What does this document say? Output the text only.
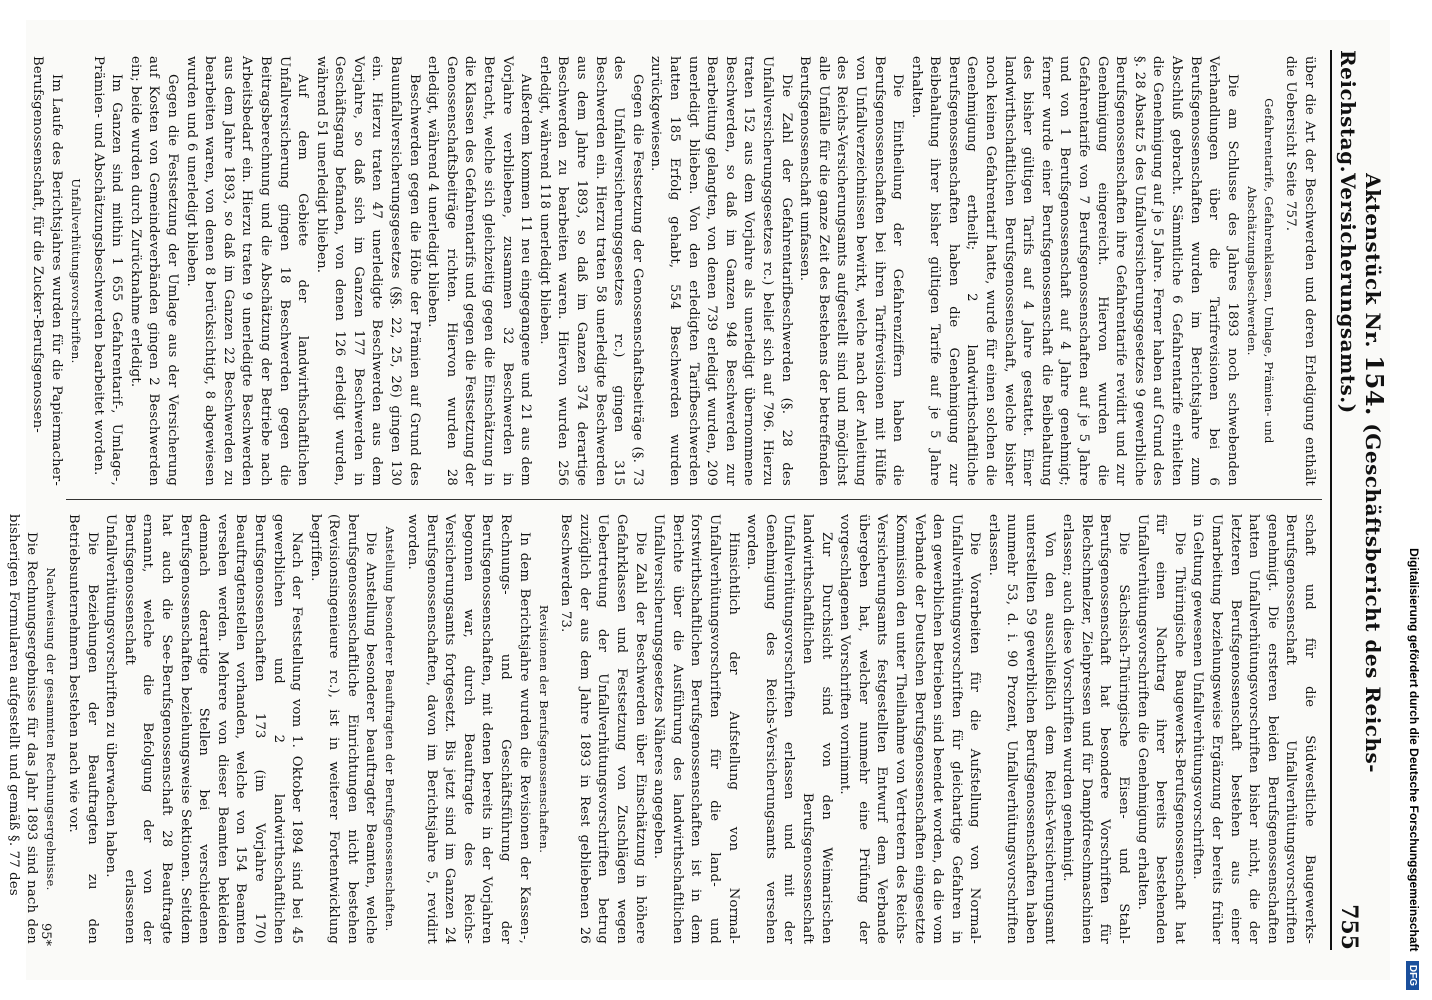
Reichstag.
Aktenstück Nr. 154. (Geschäftsbericht des Reichs-Versicherungsamts.)
755

über die Art der Beschwerden und deren Erledigung enthält die Uebersicht Seite 757.

Gefahrentarife, Gefahrenklassen, Umlage, Prämien- und Abschätzungsbeschwerden.

Die am Schlusse des Jahres 1893 noch schwebenden Verhandlungen über die Tarifrevisionen bei 6 Berufsgenossenschaften wurden im Berichtsjahre zum Abschluß gebracht. Sämmtliche 6 Gefahrentarife erhielten die Genehmigung auf je 5 Jahre. Ferner haben auf Grund des §. 28 Absatz 5 des Unfallversicherungsgesetzes 9 gewerbliche Berufsgenossenschaften ihre Gefahrentarife revidirt und zur Genehmigung eingereicht. Hiervon wurden die Gefahrentarife von 7 Berufsgenossenschaften auf je 5 Jahre und von 1 Berufsgenossenschaft auf 4 Jahre genehmigt; ferner wurde einer Berufsgenossenschaft die Beibehaltung des bisher gültigen Tarifs auf 4 Jahre gestattet. Einer landwirthschaftlichen Berufsgenossenschaft, welche bisher noch keinen Gefahrentarif hatte, wurde für einen solchen die Genehmigung ertheilt; 2 landwirthschaftliche Berufsgenossenschaften haben die Genehmigung zur Beibehaltung ihrer bisher gültigen Tarife auf je 5 Jahre erhalten.

Die Eintheilung der Gefahrenziffern haben die Berufsgenossenschaften bei ihren Tarifrevisionen mit Hülfe von Unfallverzeichnissen bewirkt, welche nach der Anleitung des Reichs-Versicherungsamts aufgestellt sind und möglichst alle Unfälle für die ganze Zeit des Bestehens der betreffenden Berufsgenossenschaft umfassen.

Die Zahl der Gefahrentarifbeschwerden (§. 28 des Unfallversicherungsgesetzes rc.) belief sich auf 796. Hierzu traten 152 aus dem Vorjahre als unerledigt übernommene Beschwerden, so daß im Ganzen 948 Beschwerden zur Bearbeitung gelangten, von denen 739 erledigt wurden, 209 unerledigt blieben. Von den erledigten Tarifbeschwerden hatten 185 Erfolg gehabt, 554 Beschwerden wurden zurückgewiesen.

Gegen die Festsetzung der Genossenschaftsbeiträge (§. 73 des Unfallversicherungsgesetzes rc.) gingen 315 Beschwerden ein. Hierzu traten 58 unerledigte Beschwerden aus dem Jahre 1893, so daß im Ganzen 374 derartige Beschwerden zu bearbeiten waren. Hiervon wurden 256 erledigt, während 118 unerledigt blieben.

Außerdem kommen 11 neu eingegangene und 21 aus dem Vorjahre verbliebene, zusammen 32 Beschwerden in Betracht, welche sich gleichzeitig gegen die Einschätzung in die Klassen des Gefahrentarifs und gegen die Festsetzung der Genossenschaftsbeiträge richten. Hiervon wurden 28 erledigt, während 4 unerledigt blieben.

Beschwerden gegen die Höhe der Prämien auf Grund des Bauunfallversicherungsgesetzes (§§. 22, 25, 26) gingen 130 ein. Hierzu traten 47 unerledigte Beschwerden aus dem Vorjahre, so daß sich im Ganzen 177 Beschwerden in Geschäftsgang befanden, von denen 126 erledigt wurden, während 51 unerledigt blieben.

Auf dem Gebiete der landwirthschaftlichen Unfallversicherung gingen 18 Beschwerden gegen die Beitragsberechnung und die Abschätzung der Betriebe nach Arbeitsbedarf ein. Hierzu traten 9 unerledigte Beschwerden aus dem Jahre 1893, so daß im Ganzen 22 Beschwerden zu bearbeiten waren, von denen 8 berücksichtigt, 8 abgewiesen wurden und 6 unerledigt blieben.

Gegen die Festsetzung der Umlage aus der Versicherung auf Kosten von Gemeindeverbänden gingen 2 Beschwerden ein; beide wurden durch Zurücknahme erledigt.

Im Ganzen sind mithin 1 655 Gefahrentarif-, Umlage-, Prämien- und Abschätzungsbeschwerden bearbeitet worden.

Unfallverhütungsvorschriften.

Im Laufe des Berichtsjahres wurden für die Papiermacher-Berufsgenossenschaft, für die Zucker-Berufsgenossen-

schaft und für die Südwestliche Baugewerks-Berufsgenossenschaft Unfallverhütungsvorschriften genehmigt. Die ersteren beiden Berufsgenossenschaften hatten Unfallverhütungsvorschriften bisher nicht, die der letzteren Berufsgenossenschaft bestehen aus einer Umarbeitung beziehungsweise Ergänzung der bereits früher in Geltung gewesenen Unfallverhütungsvorschriften.

Die Thüringische Baugewerks-Berufsgenossenschaft hat für einen Nachtrag ihrer bereits bestehenden Unfallverhütungsvorschriften die Genehmigung erhalten.

Die Sächsisch-Thüringische Eisen- und Stahl-Berufsgenossenschaft hat besondere Vorschriften für Blechschmelzer, Ziehpressen und für Dampfdreschmaschinen erlassen; auch diese Vorschriften wurden genehmigt.

Von den ausschließlich dem Reichs-Versicherungsamt unterstellten 59 gewerblichen Berufsgenossenschaften haben nunmehr 53, d. i. 90 Prozent, Unfallverhütungsvorschriften erlassen.

Die Vorarbeiten für die Aufstellung von Normal-Unfallverhütungsvorschriften für gleichartige Gefahren in den gewerblichen Betrieben sind beendet worden, da die vom Verbande der Deutschen Berufsgenossenschaften eingesetzte Kommission den unter Theilnahme von Vertretern des Reichs-Versicherungsamts festgestellten Entwurf dem Verbande übergeben hat, welcher nunmehr eine Prüfung der vorgeschlagenen Vorschriften vornimmt.

Zur Durchsicht sind von den Weimarischen landwirthschaftlichen Berufsgenossenschaft Unfallverhütungsvorschriften erlassen und mit der Genehmigung des Reichs-Versicherungsamts versehen worden.

Hinsichtlich der Aufstellung von Normal-Unfallverhütungsvorschriften für die land- und forstwirthschaftlichen Berufsgenossenschaften ist in dem Berichte über die Ausführung des landwirthschaftlichen Unfallversicherungsgesetzes Näheres angegeben.

Die Zahl der Beschwerden über Einschätzung in höhere Gefahrklassen und Festsetzung von Zuschlägen wegen Uebertretung der Unfallverhütungsvorschriften betrug zuzüglich der aus dem Jahre 1893 in Rest gebliebenen 26 Beschwerden 73.

Revisionen der Berufsgenossenschaften.

In dem Berichtsjahre wurden die Revisionen der Kassen-, Rechnungs- und Geschäftsführung der Berufsgenossenschaften, mit denen bereits in der Vorjahren begonnen war, durch Beauftragte des Reichs-Versicherungsamts fortgesetzt. Bis jetzt sind im Ganzen 24 Berufsgenossenschaften, davon im Berichtsjahre 5, revidirt worden.

Anstellung besonderer Beauftragten der Berufsgenossenschaften.

Die Anstellung besonderer beauftragter Beamten, welche berufsgenossenschaftliche Einrichtungen nicht bestehen (Revisionsingenieure rc.), ist in weiterer Fortentwicklung begriffen.

Nach der Feststellung vom 1. Oktober 1894 sind bei 45 gewerblichen und 2 landwirthschaftlichen Berufsgenossenschaften 173 (im Vorjahre 170) Beauftragtenstellen vorhanden, welche von 154 Beamten versehen werden. Mehrere von dieser Beamten bekleiden demnach derartige Stellen bei verschiedenen Berufsgenossenschaften beziehungsweise Sektionen. Seitdem hat auch die See-Berufsgenossenschaft 28 Beauftragte ernannt, welche die Befolgung der von der Berufsgenossenschaft erlassenen Unfallverhütungsvorschriften zu überwachen haben.

Die Beziehungen der Beauftragten zu den Betriebsunternehmern bestehen nach wie vor.

Nachweisung der gesammten Rechnungsergebnisse.

Die Rechnungsergebnisse für das Jahr 1893 sind nach den bisherigen Formularen aufgestellt und gemäß §. 77 des

95*	Digitalisierung gefördert durch die Deutsche Forschungsgemeinschaft DFG
